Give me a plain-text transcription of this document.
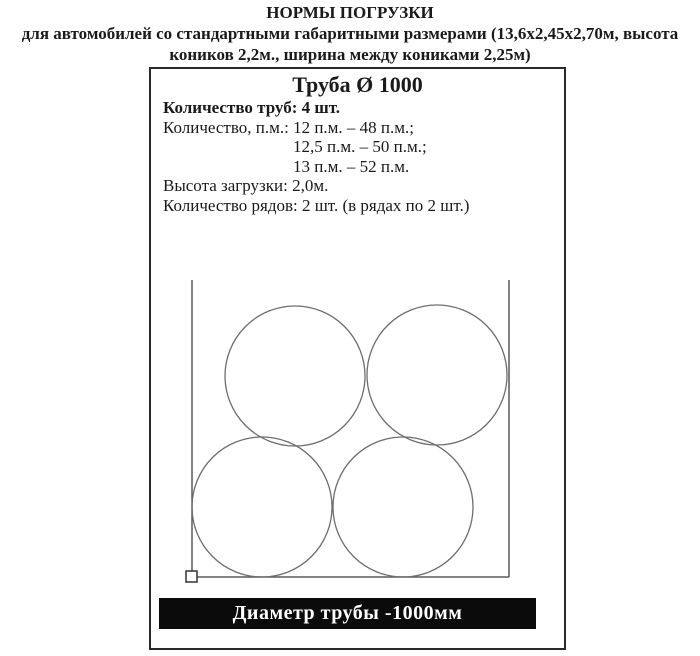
НОРМЫ ПОГРУЗКИ
для автомобилей со стандартными габаритными размерами (13,6х2,45х2,70м, высота
коников 2,2м., ширина между кониками 2,25м)
Труба Ø 1000
Количество труб: 4 шт.
Количество, п.м.: 12 п.м. – 48 п.м.;
12,5 п.м. – 50 п.м.;
13 п.м. – 52 п.м.
Высота загрузки: 2,0м.
Количество рядов: 2 шт. (в рядах по 2 шт.)
Диаметр трубы -1000мм
